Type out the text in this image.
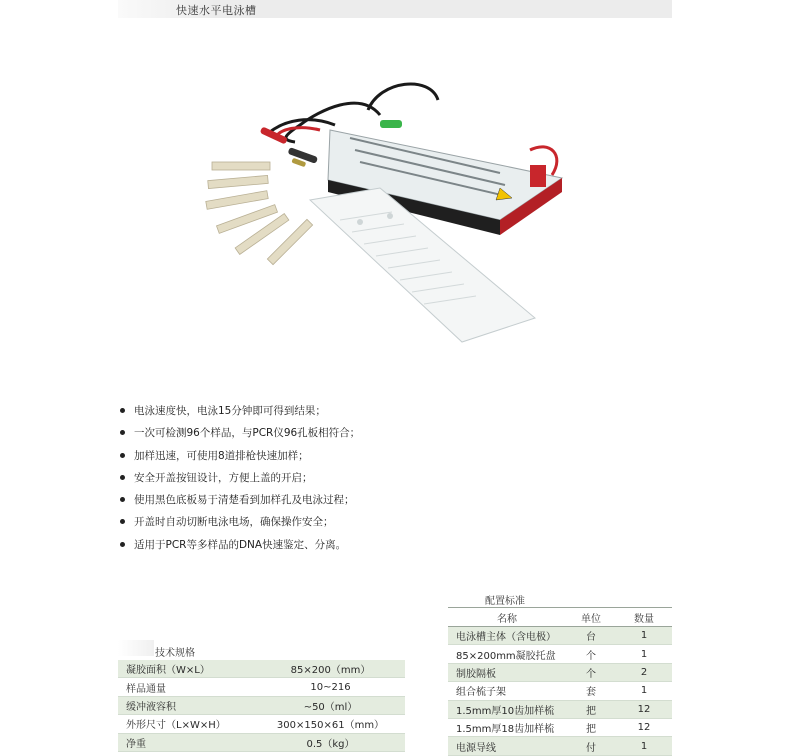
快速水平电泳槽
电泳速度快，电泳15分钟即可得到结果；
一次可检测96个样品，与PCR仪96孔板相符合；
加样迅速，可使用8道排枪快速加样；
安全开盖按钮设计，方便上盖的开启；
使用黑色底板易于清楚看到加样孔及电泳过程；
开盖时自动切断电泳电场，确保操作安全；
适用于PCR等多样品的DNA快速鉴定、分离。
配置标准
名称	单位	数量
电泳槽主体（含电极）	台	1
85×200mm凝胶托盘	个	1
制胶隔板	个	2
组合梳子架	套	1
1.5mm厚10齿加样梳	把	12
1.5mm厚18齿加样梳	把	12
电源导线	付	1
技术规格
凝胶面积（W×L）	85×200（mm）
样品通量	10~216
缓冲液容积	~50（ml）
外形尺寸（L×W×H）	300×150×61（mm）
净重	0.5（kg）
